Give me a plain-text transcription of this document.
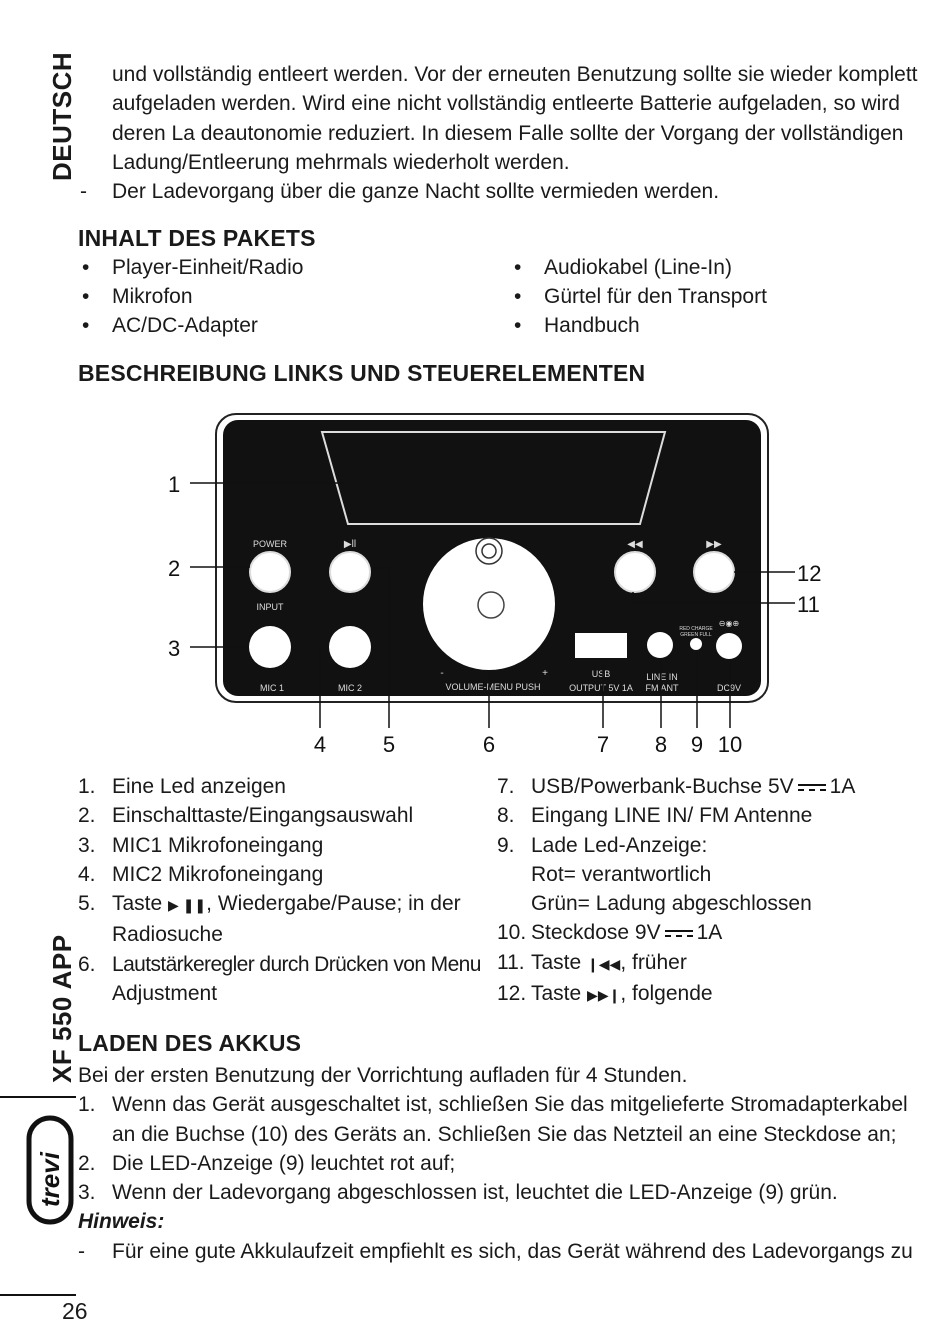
DEUTSCH
XF 550 APP
trevi
26

und vollständig entleert werden. Vor der erneuten Benutzung sollte sie wieder komplett

aufgeladen werden. Wird eine nicht vollständig entleerte Batterie aufgeladen, so wird

deren La deautonomie reduziert. In diesem Falle sollte der Vorgang der vollständigen

Ladung/Entleerung mehrmals wiederholt werden.

- Der Ladevorgang über die ganze Nacht sollte vermieden werden.
INHALT DES PAKETS
• Player-Einheit/Radio
• Mikrofon
• AC/DC-Adapter
• Audiokabel (Line-In)
• Gürtel für den Transport
• Handbuch
BESCHREIBUNG LINKS UND STEUERELEMENTEN
POWER	▶ll	◀◀	▶▶
INPUT
MIC 1	MIC 2	VOLUME-MENU PUSH
-	+	USB
OUTPUT 5V 1A
LINE IN
FM ANT
RED CHARGE
GREEN FULL
⊖◉⊕
DC9V
1
2
3
4	5	6	7 8 9 10
12
11

1. Eine Led anzeigen

2. Einschalttaste/Eingangsauswahl

3. MIC1 Mikrofoneingang

4. MIC2 Mikrofoneingang

5. Taste ▶ ❚❚, Wiedergabe/Pause; in der

Radiosuche

6. Lautstärkeregler durch Drücken von Menu

Adjustment

7. USB/Powerbank-Buchse 5V 1A

8. Eingang LINE IN/ FM Antenne

9. Lade Led-Anzeige:

Rot= verantwortlich

Grün= Ladung abgeschlossen

10. Steckdose 9V 1A

11. Taste ❙◀◀, früher

12. Taste ▶▶❙, folgende

LADEN DES AKKUS

Bei der ersten Benutzung der Vorrichtung aufladen für 4 Stunden.

1. Wenn das Gerät ausgeschaltet ist, schließen Sie das mitgelieferte Stromadapterkabel

an die Buchse (10) des Geräts an. Schließen Sie das Netzteil an eine Steckdose an;

2. Die LED-Anzeige (9) leuchtet rot auf;

3. Wenn der Ladevorgang abgeschlossen ist, leuchtet die LED-Anzeige (9) grün.

Hinweis:

- Für eine gute Akkulaufzeit empfiehlt es sich, das Gerät während des Ladevorgangs zu
